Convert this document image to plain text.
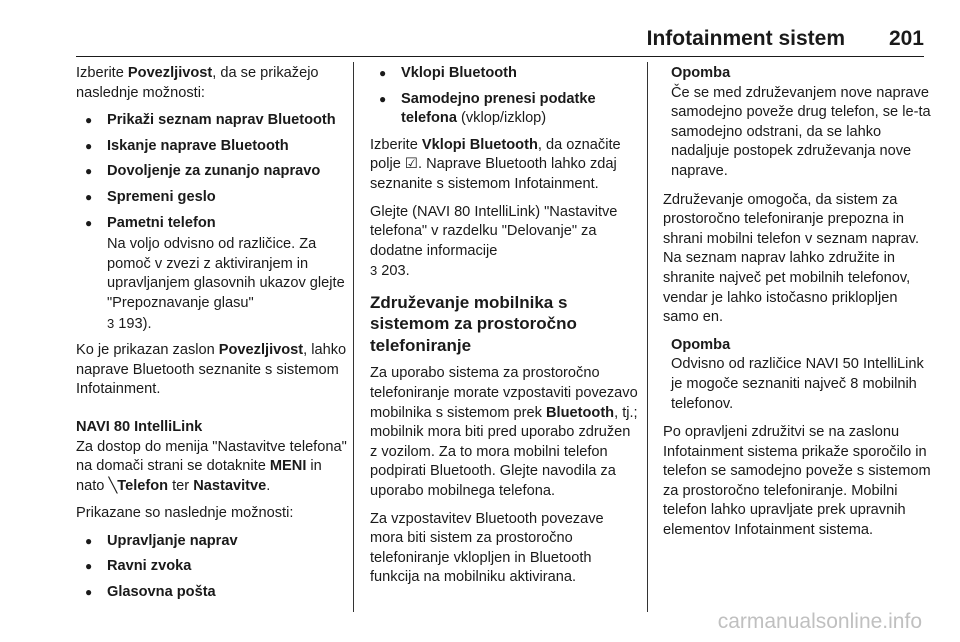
Infotainment sistem 201

Izberite Povezljivost, da se prikažejo naslednje možnosti:

● Prikaži seznam naprav Bluetooth
● Iskanje naprave Bluetooth
● Dovoljenje za zunanjo napravo
● Spremeni geslo
● Pametni telefon
Na voljo odvisno od različice. Za pomoč v zvezi z aktiviranjem in upravljanjem glasovnih ukazov glejte "Prepoznavanje glasu"
3 193).

Ko je prikazan zaslon Povezljivost, lahko naprave Bluetooth seznanite s sistemom Infotainment.

NAVI 80 IntelliLink
Za dostop do menija "Nastavitve telefona" na domači strani se dotaknite MENI in nato ╲Telefon ter Nastavitve.

Prikazane so naslednje možnosti:

● Upravljanje naprav
● Ravni zvoka
● Glasovna pošta
● Vklopi Bluetooth
● Samodejno prenesi podatke telefona (vklop/izklop)

Izberite Vklopi Bluetooth, da označite polje ☑. Naprave Bluetooth lahko zdaj seznanite s sistemom Infotainment.

Glejte (NAVI 80 IntelliLink) "Nastavitve telefona" v razdelku "Delovanje" za dodatne informacije
3 203.

Združevanje mobilnika s sistemom za prostoročno telefoniranje

Za uporabo sistema za prostoročno telefoniranje morate vzpostaviti povezavo mobilnika s sistemom prek Bluetooth, tj.; mobilnik mora biti pred uporabo združen z vozilom. Za to mora mobilni telefon podpirati Bluetooth. Glejte navodila za uporabo mobilnega telefona.

Za vzpostavitev Bluetooth povezave mora biti sistem za prostoročno telefoniranje vklopljen in Bluetooth funkcija na mobilniku aktivirana.

Opomba
Če se med združevanjem nove naprave samodejno poveže drug telefon, se le-ta samodejno odstrani, da se lahko nadaljuje postopek združevanja nove naprave.

Združevanje omogoča, da sistem za prostoročno telefoniranje prepozna in shrani mobilni telefon v seznam naprav. Na seznam naprav lahko združite in shranite največ pet mobilnih telefonov, vendar je lahko istočasno priklopljen samo en.

Opomba
Odvisno od različice NAVI 50 IntelliLink je mogoče seznaniti največ 8 mobilnih telefonov.

Po opravljeni združitvi se na zaslonu Infotainment sistema prikaže sporočilo in telefon se samodejno poveže s sistemom za prostoročno telefoniranje. Mobilni telefon lahko upravljate prek upravnih elementov Infotainment sistema.

carmanualsonline.info
